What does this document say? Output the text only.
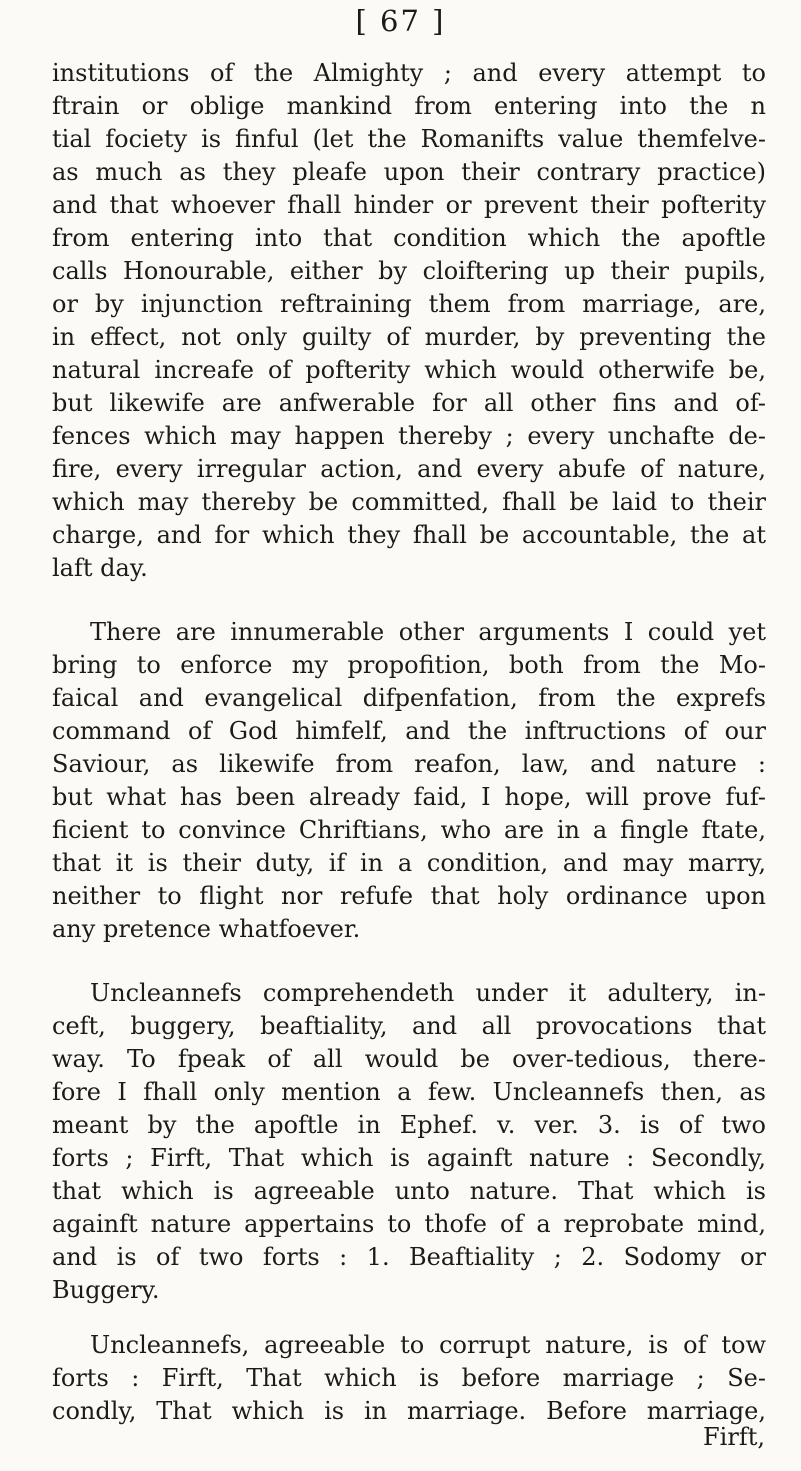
[ 67 ]
institutions of the Almighty ; and every attempt to
ftrain or oblige mankind from entering into the n
tial fociety is finful (let the Romanifts value themfelve-
as much as they pleafe upon their contrary practice)
and that whoever fhall hinder or prevent their pofterity
from entering into that condition which the apoftle
calls Honourable, either by cloiftering up their pupils,
or by injunction reftraining them from marriage, are,
in effect, not only guilty of murder, by preventing the
natural increafe of pofterity which would otherwife be,
but likewife are anfwerable for all other fins and of-
fences which may happen thereby ; every unchafte de-
fire, every irregular action, and every abufe of nature,
which may thereby be committed, fhall be laid to their
charge, and for which they fhall be accountable, the at
laft day.
There are innumerable other arguments I could yet
bring to enforce my propofition, both from the Mo-
faical and evangelical difpenfation, from the exprefs
command of God himfelf, and the inftructions of our
Saviour, as likewife from reafon, law, and nature :
but what has been already faid, I hope, will prove fuf-
ficient to convince Chriftians, who are in a fingle ftate,
that it is their duty, if in a condition, and may marry,
neither to flight nor refufe that holy ordinance upon
any pretence whatfoever.
Uncleannefs comprehendeth under it adultery, in-
ceft, buggery, beaftiality, and all provocations that
way. To fpeak of all would be over-tedious, there-
fore I fhall only mention a few. Uncleannefs then, as
meant by the apoftle in Ephef. v. ver. 3. is of two
forts ; Firft, That which is againft nature : Secondly,
that which is agreeable unto nature. That which is
againft nature appertains to thofe of a reprobate mind,
and is of two forts : 1. Beaftiality ; 2. Sodomy or
Buggery.
Uncleannefs, agreeable to corrupt nature, is of tow
forts : Firft, That which is before marriage ; Se-
condly, That which is in marriage. Before marriage,
Firft,
